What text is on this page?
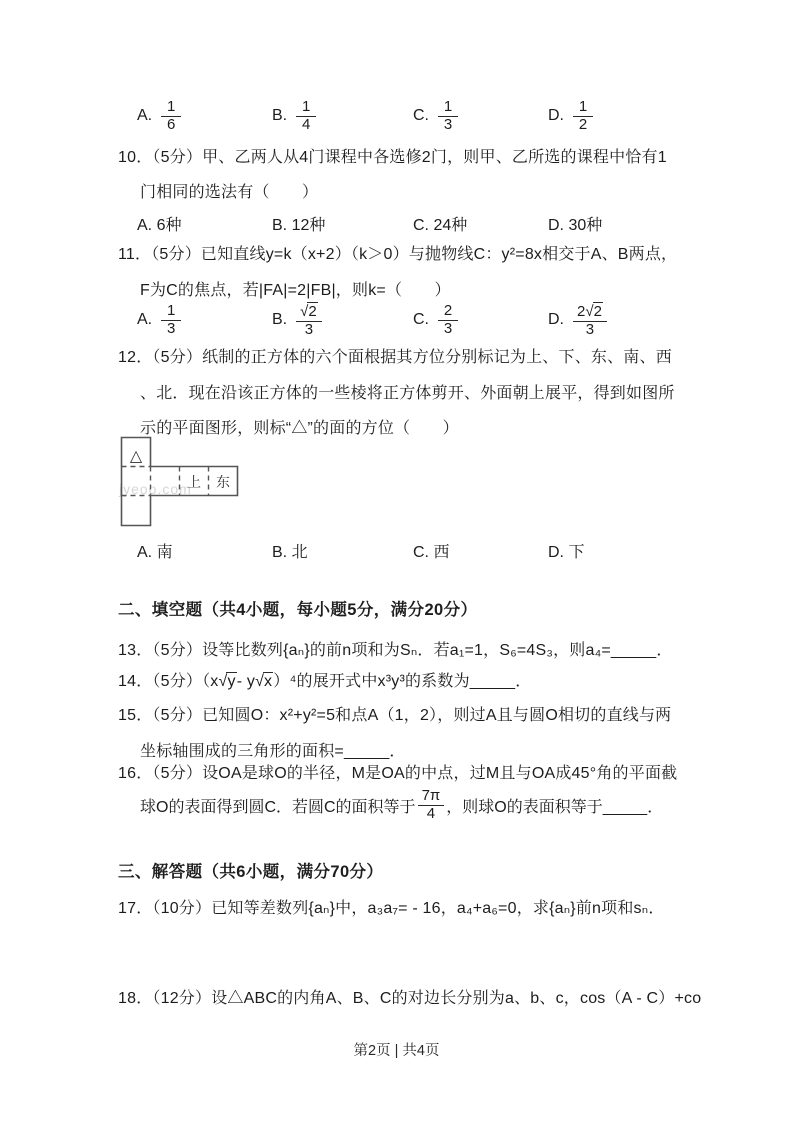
A. $\frac{1}{6}$	B. $\frac{1}{4}$	C. $\frac{1}{3}$	D. $\frac{1}{2}$
10．（5分）甲、乙两人从4门课程中各选修2门，则甲、乙所选的课程中恰有1
门相同的选法有（　　）
A. 6种	B. 12种	C. 24种	D. 30种
11．（5分）已知直线y=k（x+2）（k＞0）与抛物线C：y²=8x相交于A、B两点，
F为C的焦点，若|FA|=2|FB|，则k=（　　）
A. $\frac{1}{3}$	B. √ $\frac{2}{3}$	C. $\frac{2}{3}$	D. $\frac{2 √ 2}{3}$
12．（5分）纸制的正方体的六个面根据其方位分别标记为上、下、东、南、西
、北．现在沿该正方体的一些棱将正方体剪开、外面朝上展平，得到如图所
示的平面图形，则标“△”的面的方位（　　）
jyeoo.com
△
上 东
A. 南	B. 北	C. 西	D. 下
二、填空题（共4小题，每小题5分，满分20分）
13．（5分）设等比数列{aₙ}的前n项和为Sₙ．若a₁=1，S₆=4S₃，则a₄=_____．
14．（5分）（x √ y- y √ x）⁴的展开式中x³y³的系数为_____．
15．（5分）已知圆O：x²+y²=5和点A（1，2），则过A且与圆O相切的直线与两
坐标轴围成的三角形的面积=_____．
16．（5分）设OA是球O的半径，M是OA的中点，过M且与OA成45°角的平面截
球O的表面得到圆C．若圆C的面积等于 $\frac{7\pi}{4}$ ，则球O的表面积等于_____．
三、解答题（共6小题，满分70分）
17．（10分）已知等差数列{aₙ}中，a₃a₇= - 16，a₄+a₆=0，求{aₙ}前n项和sₙ．
18．（12分）设△ABC的内角A、B、C的对边长分别为a、b、c，cos（A - C）+co
第2页 | 共4页
